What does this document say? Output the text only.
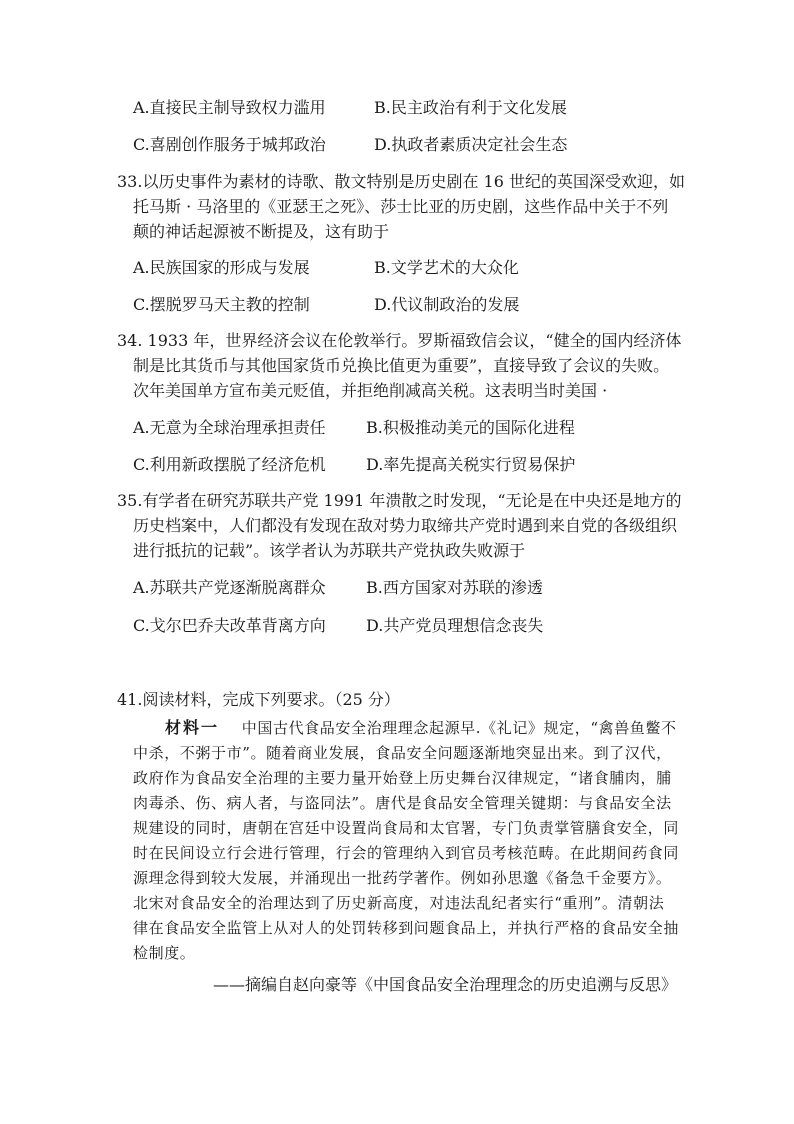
A.直接民主制导致权力滥用	B.民主政治有利于文化发展
C.喜剧创作服务于城邦政治	D.执政者素质决定社会生态
33.以历史事件为素材的诗歌、散文特别是历史剧在 16 世纪的英国深受欢迎，如
托马斯 · 马洛里的《亚瑟王之死》、莎士比亚的历史剧，这些作品中关于不列
颠的神话起源被不断提及，这有助于
A.民族国家的形成与发展	B.文学艺术的大众化
C.摆脱罗马天主教的控制	D.代议制政治的发展
34. 1933 年，世界经济会议在伦敦举行。罗斯福致信会议，“健全的国内经济体
制是比其货币与其他国家货币兑换比值更为重要”，直接导致了会议的失败。
次年美国单方宣布美元贬值，并拒绝削减高关税。这表明当时美国 ·
A.无意为全球治理承担责任	B.积极推动美元的国际化进程
C.利用新政摆脱了经济危机	D.率先提高关税实行贸易保护
35.有学者在研究苏联共产党 1991 年溃散之时发现，“无论是在中央还是地方的
历史档案中，人们都没有发现在敌对势力取缔共产党时遇到来自党的各级组织
进行抵抗的记载”。该学者认为苏联共产党执政失败源于
A.苏联共产党逐渐脱离群众	B.西方国家对苏联的渗透
C.戈尔巴乔夫改革背离方向	D.共产党员理想信念丧失
41.阅读材料，完成下列要求。（25 分）
材料一 中国古代食品安全治理理念起源早.《礼记》规定，“禽兽鱼鳖不
中杀，不粥于市”。随着商业发展，食品安全问题逐渐地突显出来。到了汉代，
政府作为食品安全治理的主要力量开始登上历史舞台汉律规定，“诸食脯肉，脯
肉毒杀、伤、病人者，与盗同法”。唐代是食品安全管理关键期：与食品安全法
规建设的同时，唐朝在宫廷中设置尚食局和太官署，专门负责掌管膳食安全，同
时在民间设立行会进行管理，行会的管理纳入到官员考核范畴。在此期间药食同
源理念得到较大发展，并涌现出一批药学著作。例如孙思邈《备急千金要方》。
北宋对食品安全的治理达到了历史新高度，对违法乱纪者实行“重刑”。清朝法
律在食品安全监管上从对人的处罚转移到问题食品上，并执行严格的食品安全抽
检制度。
——摘编自赵向豪等《中国食品安全治理理念的历史追溯与反思》
